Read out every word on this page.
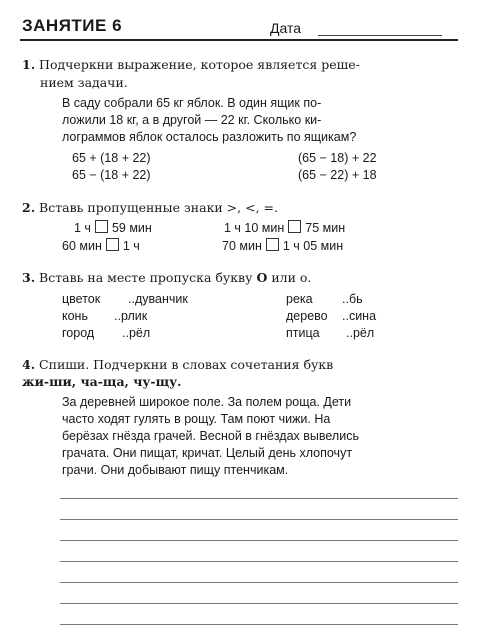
ЗАНЯТИЕ 6	Дата
1. Подчеркни выражение, которое является реше-
нием задачи.
В саду собрали 65 кг яблок. В один ящик по-
ложили 18 кг, а в другой — 22 кг. Сколько ки-
лограммов яблок осталось разложить по ящикам?
65 + (18 + 22)	(65 − 18) + 22
65 − (18 + 22)	(65 − 22) + 18
2. Вставь пропущенные знаки >, <, =.
1 ч 59 мин	1 ч 10 мин 75 мин
60 мин 1 ч	70 мин 1 ч 05 мин
3. Вставь на месте пропуска букву О или о.
цветок ..дуванчик	река ..бь
конь ..рлик	дерево ..сина
город ..рёл	птица ..рёл
4. Спиши. Подчеркни в словах сочетания букв
жи-ши, ча-ща, чу-щу.
За деревней широкое поле. За полем роща. Дети
часто ходят гулять в рощу. Там поют чижи. На
берёзах гнёзда грачей. Весной в гнёздах вывелись
грачата. Они пищат, кричат. Целый день хлопочут
грачи. Они добывают пищу птенчикам.
